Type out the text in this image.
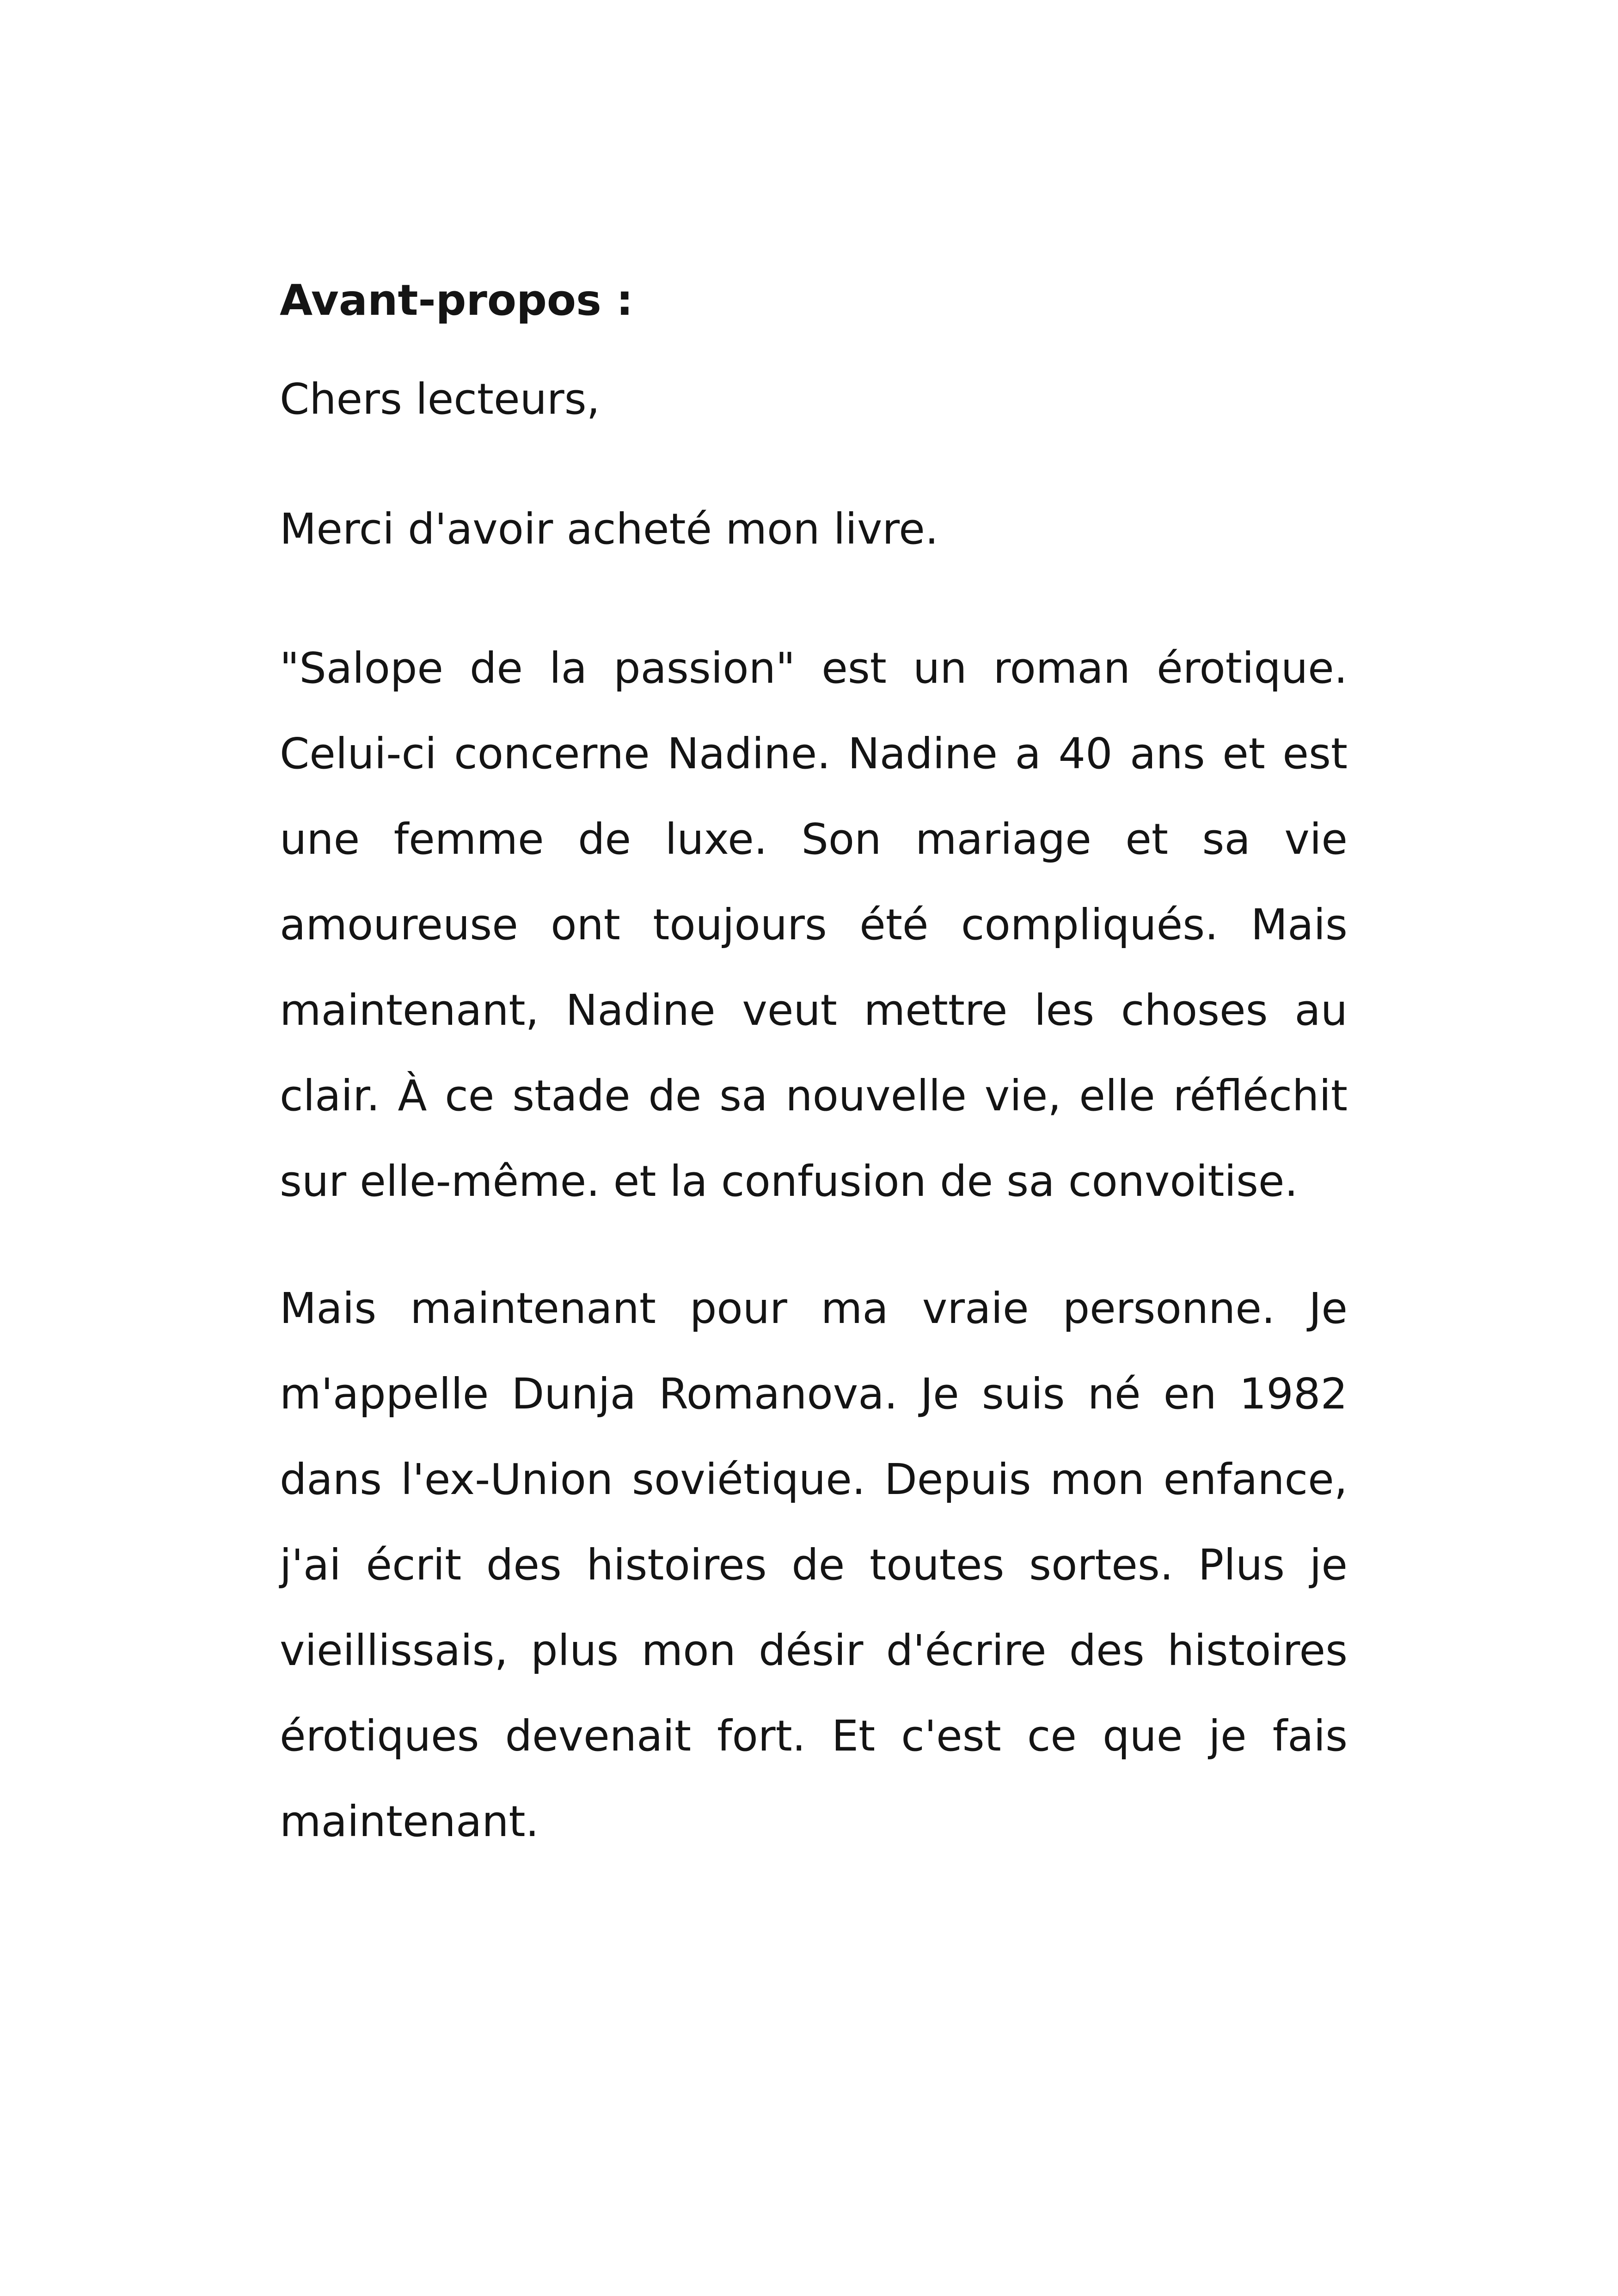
Avant-propos :

Chers lecteurs,

Merci d'avoir acheté mon livre.

"Salope de la passion" est un roman érotique. Celui-ci concerne Nadine. Nadine a 40 ans et est une femme de luxe. Son mariage et sa vie amoureuse ont toujours été compliqués. Mais maintenant, Nadine veut mettre les choses au clair. À ce stade de sa nouvelle vie, elle réfléchit sur elle-même. et la confusion de sa convoitise.

Mais maintenant pour ma vraie personne. Je m'appelle Dunja Romanova. Je suis né en 1982 dans l'ex-Union soviétique. Depuis mon enfance, j'ai écrit des histoires de toutes sortes. Plus je vieillissais, plus mon désir d'écrire des histoires érotiques devenait fort. Et c'est ce que je fais maintenant.
